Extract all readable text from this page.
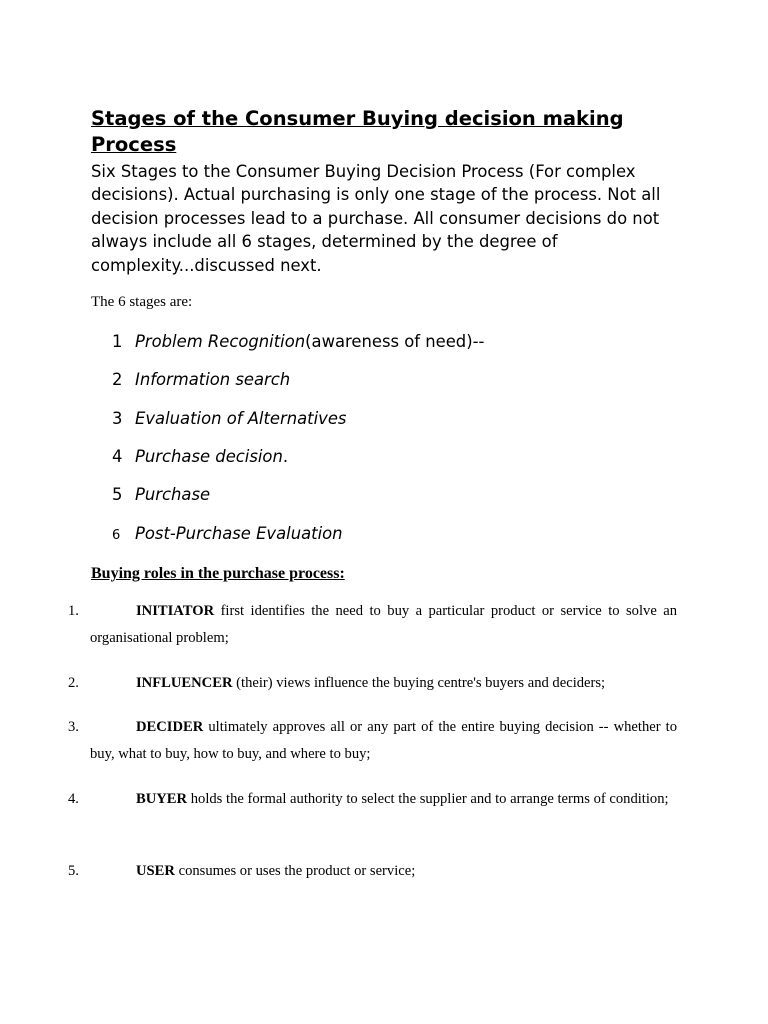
Stages of the Consumer Buying decision making Process

Six Stages to the Consumer Buying Decision Process (For complex decisions). Actual purchasing is only one stage of the process. Not all decision processes lead to a purchase. All consumer decisions do not always include all 6 stages, determined by the degree of complexity...discussed next.

The 6 stages are:

1 Problem Recognition(awareness of need)--
2 Information search
3 Evaluation of Alternatives
4 Purchase decision.
5 Purchase
6 Post-Purchase Evaluation
Buying roles in the purchase process:
1.	INITIATOR first identifies the need to buy a particular product or service to solve an organisational problem;
2.	INFLUENCER (their) views influence the buying centre's buyers and deciders;
3.	DECIDER ultimately approves all or any part of the entire buying decision -- whether to buy, what to buy, how to buy, and where to buy;
4.	BUYER holds the formal authority to select the supplier and to arrange terms of condition;
5.	USER consumes or uses the product or service;
